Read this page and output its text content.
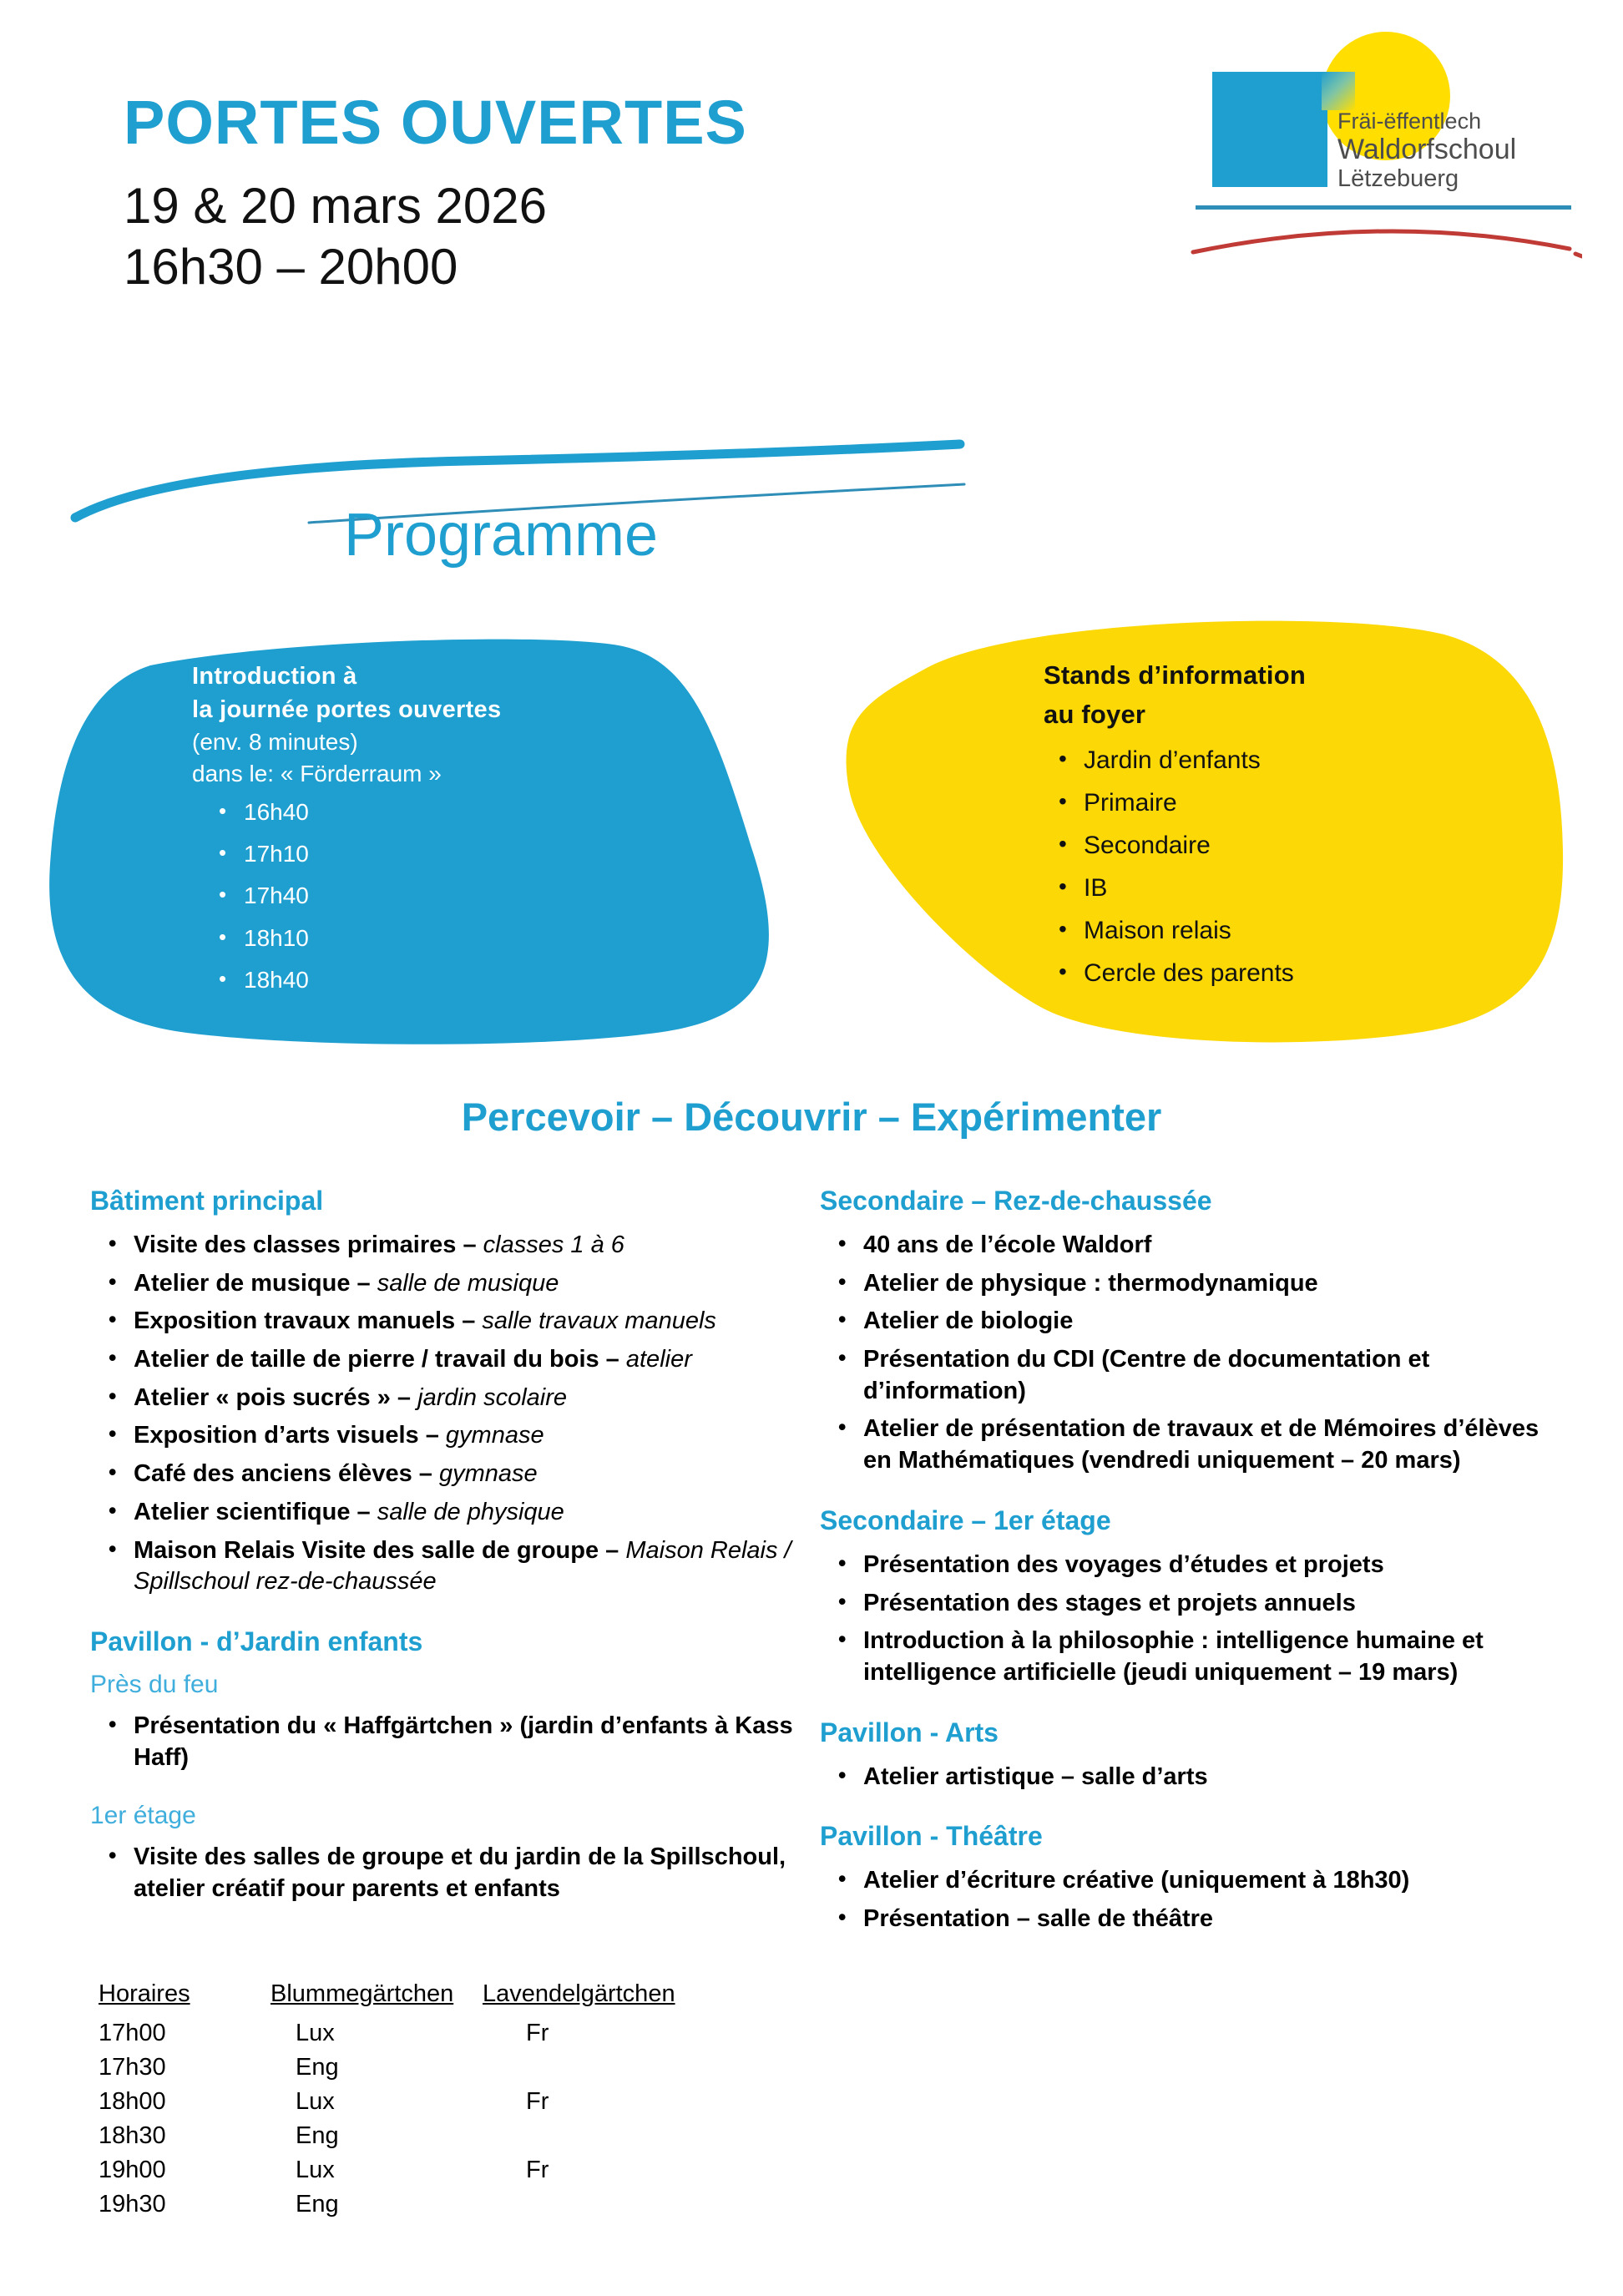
PORTES OUVERTES
19 & 20 mars 2026
16h30 – 20h00
Fräi-ëffentlech
Waldorfschoul
Lëtzebuerg
Programme
Introduction à
la journée portes ouvertes
(env. 8 minutes)
dans le: « Förderraum »
• 16h40
• 17h10
• 17h40
• 18h10
• 18h40
Stands d’information
au foyer
• Jardin d’enfants
• Primaire
• Secondaire
• IB
• Maison relais
• Cercle des parents
Percevoir – Découvrir – Expérimenter
Bâtiment principal
• Visite des classes primaires – classes 1 à 6
• Atelier de musique – salle de musique
• Exposition travaux manuels – salle travaux manuels
• Atelier de taille de pierre / travail du bois – atelier
• Atelier « pois sucrés » – jardin scolaire
• Exposition d’arts visuels – gymnase
• Café des anciens élèves – gymnase
• Atelier scientifique – salle de physique
• Maison Relais Visite des salle de groupe – Maison Relais / Spillschoul rez-de-chaussée
Pavillon - d’Jardin enfants
Près du feu
• Présentation du « Haffgärtchen » (jardin d’enfants à Kass Haff)
1er étage
• Visite des salles de groupe et du jardin de la Spillschoul, atelier créatif pour parents et enfants
Secondaire – Rez-de-chaussée
• 40 ans de l’école Waldorf
• Atelier de physique : thermodynamique
• Atelier de biologie
• Présentation du CDI (Centre de documentation et d’information)
• Atelier de présentation de travaux et de Mémoires d’élèves en Mathématiques (vendredi uniquement – 20 mars)
Secondaire – 1er étage
• Présentation des voyages d’études et projets
• Présentation des stages et projets annuels
• Introduction à la philosophie : intelligence humaine et intelligence artificielle (jeudi uniquement – 19 mars)
Pavillon - Arts
• Atelier artistique – salle d’arts
Pavillon - Théâtre
• Atelier d’écriture créative (uniquement à 18h30)
• Présentation – salle de théâtre
Horaires	Blummegärtchen	Lavendelgärtchen
17h00	Lux	Fr
17h30	Eng	
18h00	Lux	Fr
18h30	Eng	
19h00	Lux	Fr
19h30	Eng	
